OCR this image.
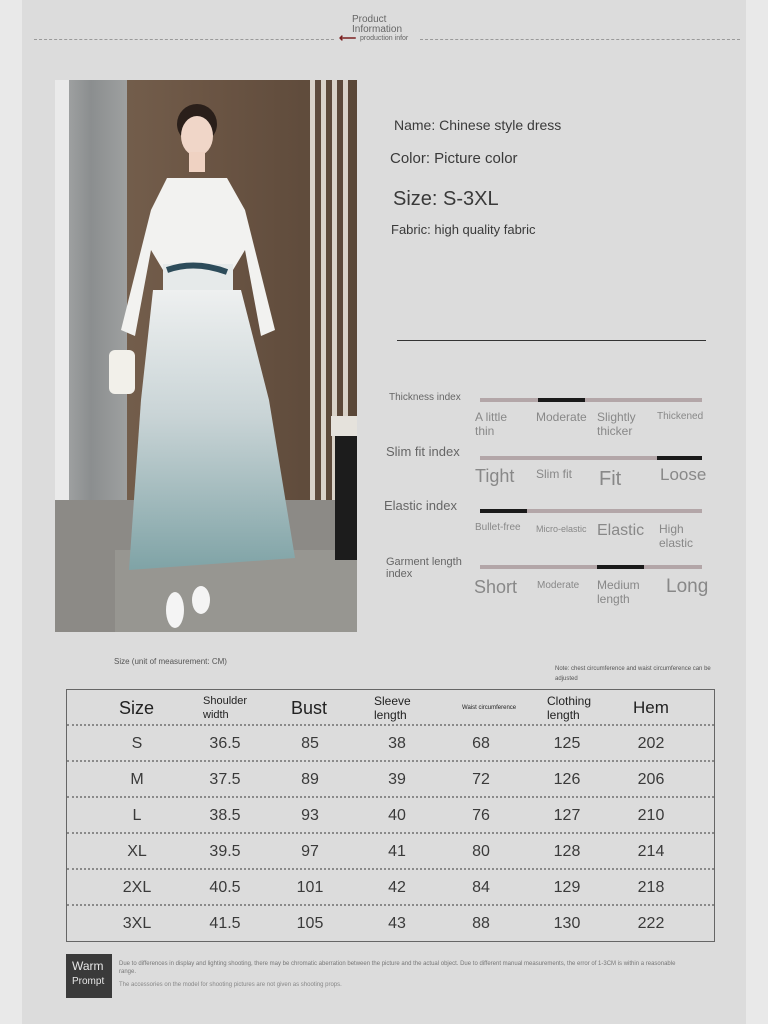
Product
Information
⟵ production infor
Name: Chinese style dress
Color: Picture color
Size: S-3XL
Fabric: high quality fabric
Thickness index
A little thin
Moderate Slightly thicker
Thickened
Slim fit index
Tight Slim fit Fit Loose
Elastic index
Bullet-free Micro-elastic Elastic High elastic
Garment length index
Short Moderate Medium length
Long
Size (unit of measurement: CM)
Note: chest circumference and waist circumference can be adjusted
Size	Shoulder width	Bust	Sleeve length	Waist circumference	Clothing length	Hem
S	36.5	85	38	68	125	202
M	37.5	89	39	72	126	206
L	38.5	93	40	76	127	210
XL	39.5	97	41	80	128	214
2XL	40.5	101	42	84	129	218
3XL	41.5	105	43	88	130	222
Warm
Prompt
Due to differences in display and lighting shooting, there may be chromatic aberration between the picture and the actual object. Due to different manual measurements, the error of 1-3CM is within a reasonable range.
The accessories on the model for shooting pictures are not given as shooting props.
